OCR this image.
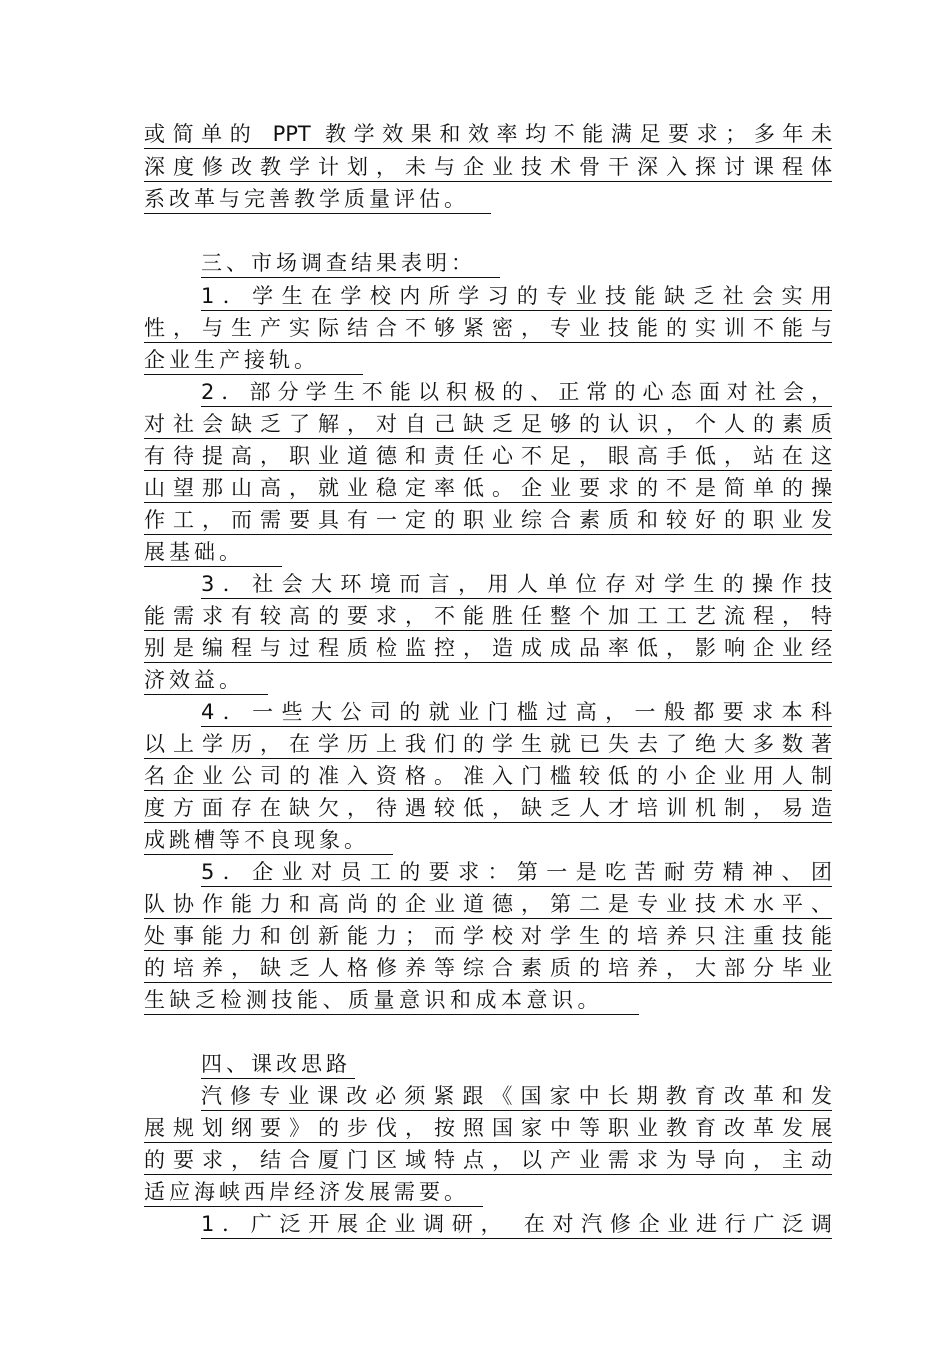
或简单的 PPT 教学效果和效率均不能满足要求；多年未
深度修改教学计划，未与企业技术骨干深入探讨课程体
系改革与完善教学质量评估。
三、市场调查结果表明：
1．学生在学校内所学习的专业技能缺乏社会实用
性，与生产实际结合不够紧密，专业技能的实训不能与
企业生产接轨。
2．部分学生不能以积极的、正常的心态面对社会，
对社会缺乏了解，对自己缺乏足够的认识，个人的素质
有待提高，职业道德和责任心不足，眼高手低，站在这
山望那山高，就业稳定率低。企业要求的不是简单的操
作工，而需要具有一定的职业综合素质和较好的职业发
展基础。
3．社会大环境而言，用人单位存对学生的操作技
能需求有较高的要求，不能胜任整个加工工艺流程，特
别是编程与过程质检监控，造成成品率低，影响企业经
济效益。
4．一些大公司的就业门槛过高，一般都要求本科
以上学历，在学历上我们的学生就已失去了绝大多数著
名企业公司的准入资格。准入门槛较低的小企业用人制
度方面存在缺欠，待遇较低，缺乏人才培训机制，易造
成跳槽等不良现象。
5．企业对员工的要求：第一是吃苦耐劳精神、团
队协作能力和高尚的企业道德，第二是专业技术水平、
处事能力和创新能力；而学校对学生的培养只注重技能
的培养，缺乏人格修养等综合素质的培养，大部分毕业
生缺乏检测技能、质量意识和成本意识。
四、课改思路
汽修专业课改必须紧跟《国家中长期教育改革和发
展规划纲要》的步伐，按照国家中等职业教育改革发展
的要求，结合厦门区域特点，以产业需求为导向，主动
适应海峡西岸经济发展需要。
1．广泛开展企业调研， 在对汽修企业进行广泛调
